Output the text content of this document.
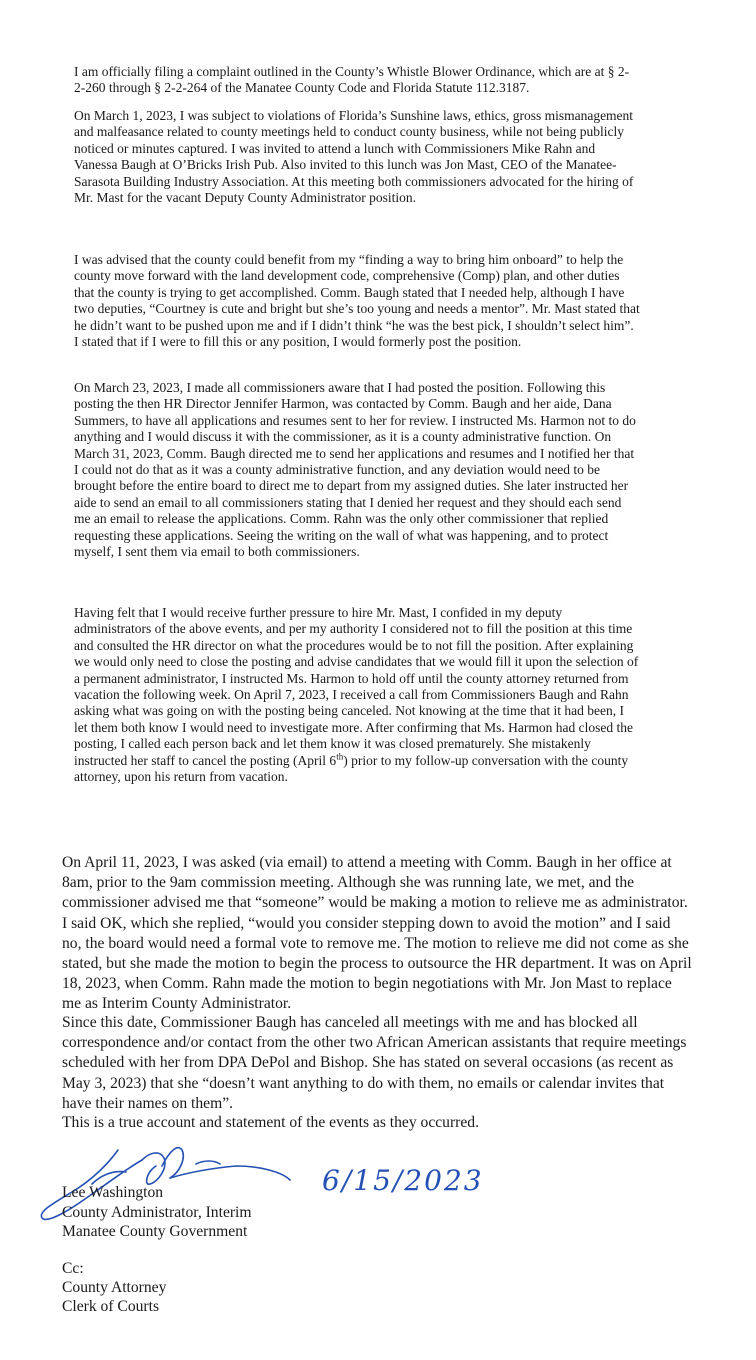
I am officially filing a complaint outlined in the County’s Whistle Blower Ordinance, which are at § 2-2-260 through § 2-2-264 of the Manatee County Code and Florida Statute 112.3187.

On March 1, 2023, I was subject to violations of Florida’s Sunshine laws, ethics, gross mismanagement and malfeasance related to county meetings held to conduct county business, while not being publicly noticed or minutes captured. I was invited to attend a lunch with Commissioners Mike Rahn and Vanessa Baugh at O’Bricks Irish Pub. Also invited to this lunch was Jon Mast, CEO of the Manatee-Sarasota Building Industry Association. At this meeting both commissioners advocated for the hiring of Mr. Mast for the vacant Deputy County Administrator position.

I was advised that the county could benefit from my “finding a way to bring him onboard” to help the county move forward with the land development code, comprehensive (Comp) plan, and other duties that the county is trying to get accomplished. Comm. Baugh stated that I needed help, although I have two deputies, “Courtney is cute and bright but she’s too young and needs a mentor”. Mr. Mast stated that he didn’t want to be pushed upon me and if I didn’t think “he was the best pick, I shouldn’t select him”. I stated that if I were to fill this or any position, I would formerly post the position.

On March 23, 2023, I made all commissioners aware that I had posted the position. Following this posting the then HR Director Jennifer Harmon, was contacted by Comm. Baugh and her aide, Dana Summers, to have all applications and resumes sent to her for review. I instructed Ms. Harmon not to do anything and I would discuss it with the commissioner, as it is a county administrative function. On March 31, 2023, Comm. Baugh directed me to send her applications and resumes and I notified her that I could not do that as it was a county administrative function, and any deviation would need to be brought before the entire board to direct me to depart from my assigned duties. She later instructed her aide to send an email to all commissioners stating that I denied her request and they should each send me an email to release the applications. Comm. Rahn was the only other commissioner that replied requesting these applications. Seeing the writing on the wall of what was happening, and to protect myself, I sent them via email to both commissioners.

Having felt that I would receive further pressure to hire Mr. Mast, I confided in my deputy administrators of the above events, and per my authority I considered not to fill the position at this time and consulted the HR director on what the procedures would be to not fill the position. After explaining we would only need to close the posting and advise candidates that we would fill it upon the selection of a permanent administrator, I instructed Ms. Harmon to hold off until the county attorney returned from vacation the following week. On April 7, 2023, I received a call from Commissioners Baugh and Rahn asking what was going on with the posting being canceled. Not knowing at the time that it had been, I let them both know I would need to investigate more. After confirming that Ms. Harmon had closed the posting, I called each person back and let them know it was closed prematurely. She mistakenly instructed her staff to cancel the posting (April 6th) prior to my follow-up conversation with the county attorney, upon his return from vacation.

On April 11, 2023, I was asked (via email) to attend a meeting with Comm. Baugh in her office at 8am, prior to the 9am commission meeting. Although she was running late, we met, and the commissioner advised me that “someone” would be making a motion to relieve me as administrator. I said OK, which she replied, “would you consider stepping down to avoid the motion” and I said no, the board would need a formal vote to remove me. The motion to relieve me did not come as she stated, but she made the motion to begin the process to outsource the HR department. It was on April 18, 2023, when Comm. Rahn made the motion to begin negotiations with Mr. Jon Mast to replace me as Interim County Administrator.

Since this date, Commissioner Baugh has canceled all meetings with me and has blocked all correspondence and/or contact from the other two African American assistants that require meetings scheduled with her from DPA DePol and Bishop. She has stated on several occasions (as recent as May 3, 2023) that she “doesn’t want anything to do with them, no emails or calendar invites that have their names on them”.

This is a true account and statement of the events as they occurred.

6/15/2023
Lee Washington
County Administrator, Interim
Manatee County Government
Cc:
County Attorney
Clerk of Courts
